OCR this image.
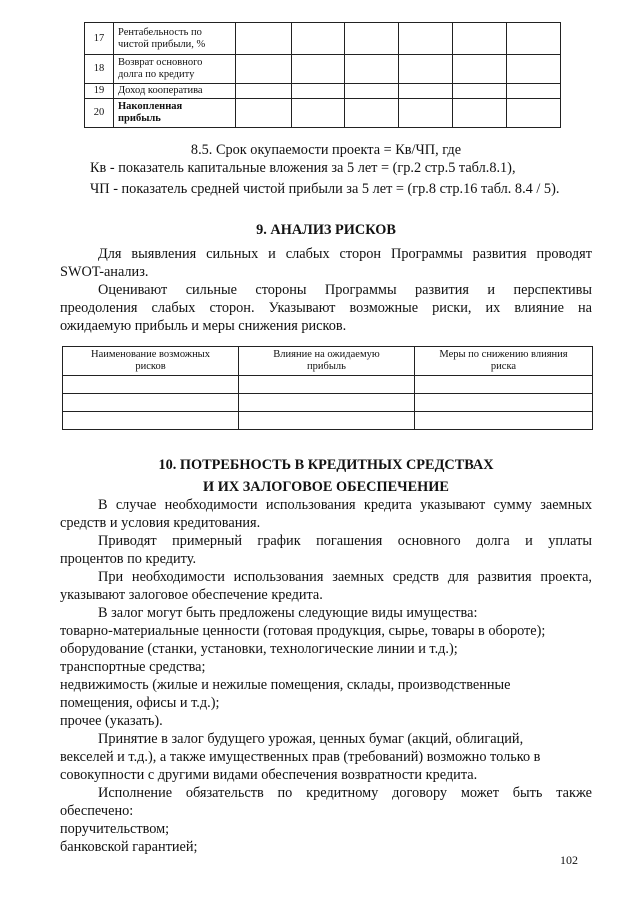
17	Рентабельность по
чистой прибыли, %						
18	Возврат основного
долга по кредиту						
19	Доход кооператива						
20	Накопленная
прибыль						
8.5. Срок окупаемости проекта = Кв/ЧП, где
Кв - показатель капитальные вложения за 5 лет = (гр.2 стр.5 табл.8.1),
ЧП - показатель средней чистой прибыли за 5 лет = (гр.8 стр.16 табл. 8.4 / 5).
9. АНАЛИЗ РИСКОВ
Для выявления сильных и слабых сторон Программы развития проводят
SWOT-анализ.
Оценивают сильные стороны Программы развития и перспективы
преодоления слабых сторон. Указывают возможные риски, их влияние на
ожидаемую прибыль и меры снижения рисков.
Наименование возможных
рисков	Влияние на ожидаемую
прибыль	Меры по снижению влияния
риска

10. ПОТРЕБНОСТЬ В КРЕДИТНЫХ СРЕДСТВАХ
И ИХ ЗАЛОГОВОЕ ОБЕСПЕЧЕНИЕ
В случае необходимости использования кредита указывают сумму заемных
средств и условия кредитования.
Приводят примерный график погашения основного долга и уплаты
процентов по кредиту.
При необходимости использования заемных средств для развития проекта,
указывают залоговое обеспечение кредита.
В залог могут быть предложены следующие виды имущества:
товарно-материальные ценности (готовая продукция, сырье, товары в обороте);
оборудование (станки, установки, технологические линии и т.д.);
транспортные средства;
недвижимость (жилые и нежилые помещения, склады, производственные
помещения, офисы и т.д.);
прочее (указать).
Принятие в залог будущего урожая, ценных бумаг (акций, облигаций,
векселей и т.д.), а также имущественных прав (требований) возможно только в
совокупности с другими видами обеспечения возвратности кредита.
Исполнение обязательств по кредитному договору может быть также
обеспечено:
поручительством;
банковской гарантией;
102
